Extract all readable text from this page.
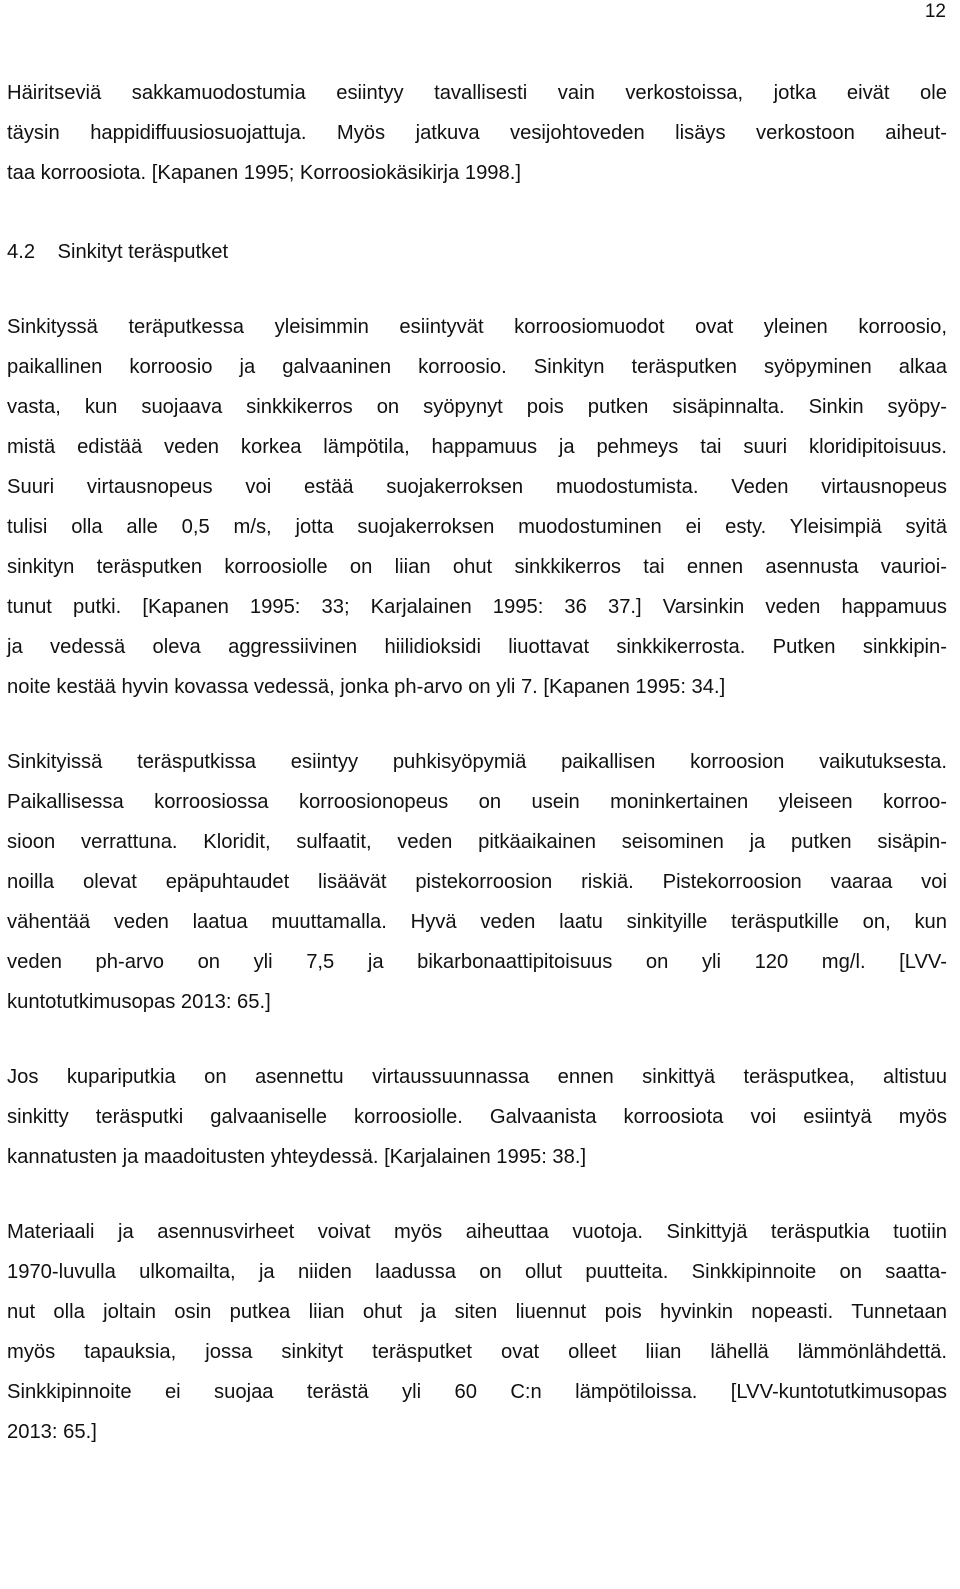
12
Häiritseviä sakkamuodostumia esiintyy tavallisesti vain verkostoissa, jotka eivät ole
täysin happidiffuusiosuojattuja. Myös jatkuva vesijohtoveden lisäys verkostoon aiheut-
taa korroosiota. [Kapanen 1995; Korroosiokäsikirja 1998.]
4.2    Sinkityt teräsputket
Sinkityssä teräputkessa yleisimmin esiintyvät korroosiomuodot ovat yleinen korroosio,
paikallinen korroosio ja galvaaninen korroosio. Sinkityn teräsputken syöpyminen alkaa
vasta, kun suojaava sinkkikerros on syöpynyt pois putken sisäpinnalta. Sinkin syöpy-
mistä edistää veden korkea lämpötila, happamuus ja pehmeys tai suuri kloridipitoisuus.
Suuri virtausnopeus voi estää suojakerroksen muodostumista. Veden virtausnopeus
tulisi olla alle 0,5 m/s, jotta suojakerroksen muodostuminen ei esty. Yleisimpiä syitä
sinkityn teräsputken korroosiolle on liian ohut sinkkikerros tai ennen asennusta vaurioi-
tunut putki. [Kapanen 1995: 33; Karjalainen 1995: 36 37.] Varsinkin veden happamuus
ja vedessä oleva aggressiivinen hiilidioksidi liuottavat sinkkikerrosta. Putken sinkkipin-
noite kestää hyvin kovassa vedessä, jonka ph-arvo on yli 7. [Kapanen 1995: 34.]
Sinkityissä teräsputkissa esiintyy puhkisyöpymiä paikallisen korroosion vaikutuksesta.
Paikallisessa korroosiossa korroosionopeus on usein moninkertainen yleiseen korroo-
sioon verrattuna. Kloridit, sulfaatit, veden pitkäaikainen seisominen ja putken sisäpin-
noilla olevat epäpuhtaudet lisäävät pistekorroosion riskiä. Pistekorroosion vaaraa voi
vähentää veden laatua muuttamalla. Hyvä veden laatu sinkityille teräsputkille on, kun
veden ph-arvo on yli 7,5 ja bikarbonaattipitoisuus on yli 120 mg/l. [LVV-
kuntotutkimusopas 2013: 65.]
Jos kupariputkia on asennettu virtaussuunnassa ennen sinkittyä teräsputkea, altistuu
sinkitty teräsputki galvaaniselle korroosiolle. Galvaanista korroosiota voi esiintyä myös
kannatusten ja maadoitusten yhteydessä. [Karjalainen 1995: 38.]
Materiaali ja asennusvirheet voivat myös aiheuttaa vuotoja. Sinkittyjä teräsputkia tuotiin
1970-luvulla ulkomailta, ja niiden laadussa on ollut puutteita. Sinkkipinnoite on saatta-
nut olla joltain osin putkea liian ohut ja siten liuennut pois hyvinkin nopeasti. Tunnetaan
myös tapauksia, jossa sinkityt teräsputket ovat olleet liian lähellä lämmönlähdettä.
Sinkkipinnoite ei suojaa terästä yli 60 C:n lämpötiloissa. [LVV-kuntotutkimusopas
2013: 65.]
